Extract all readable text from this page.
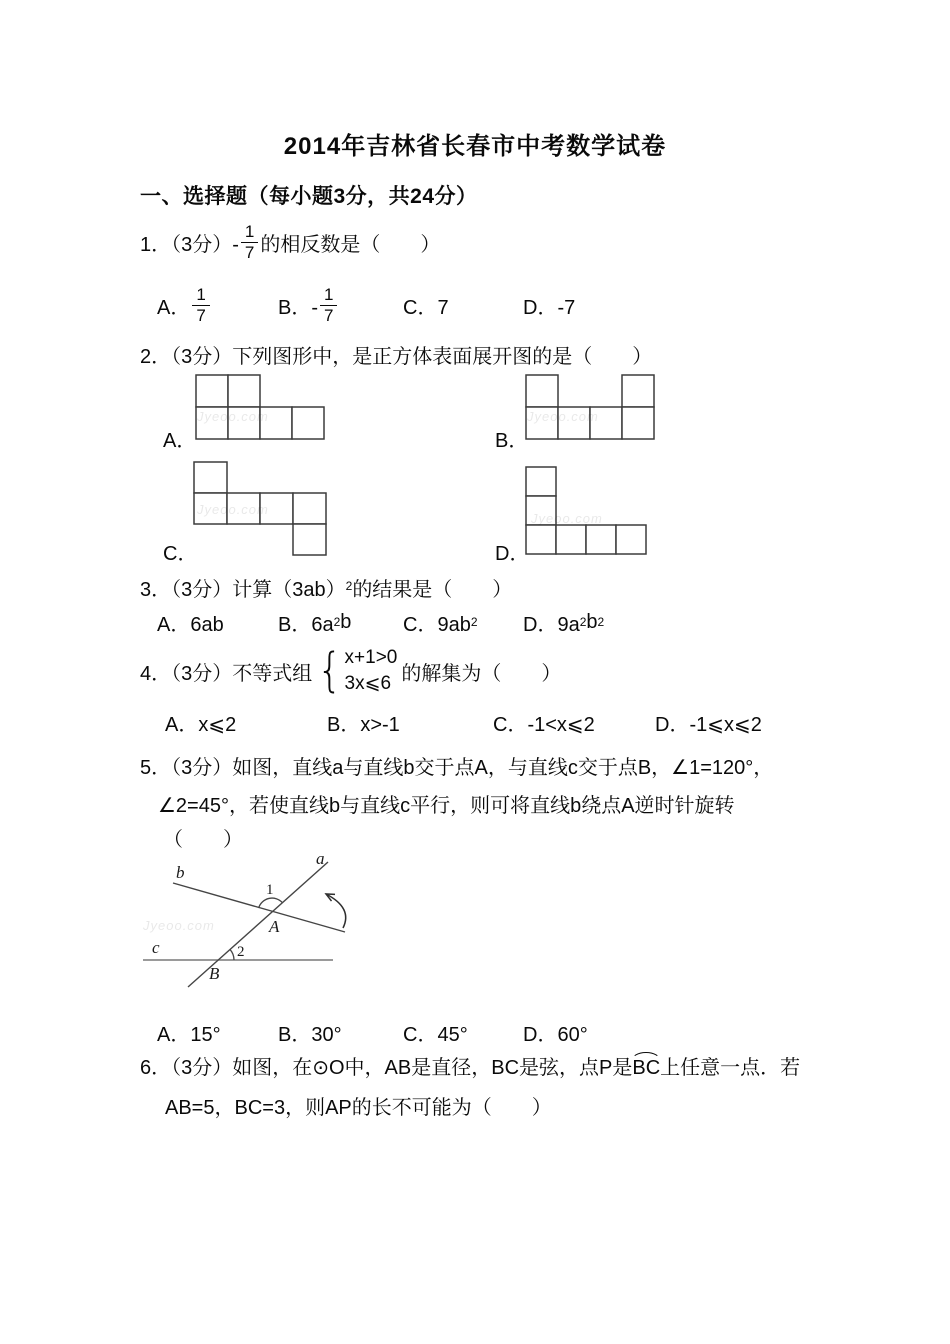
2014年吉林省长春市中考数学试卷
一、选择题（每小题3分，共24分）
1．（3分）- $\frac{1}{7}$ 的相反数是（　　）
A． $\frac{1}{7}$	B．- $\frac{1}{7}$	C．7	D．-7
2．（3分）下列图形中，是正方体表面展开图的是（　　）
A．	B．
C．	D．
Jyeoo.com	Jyeoo.com
Jyeoo.com
Jyeoo.com
Jyeoo.com
3．（3分）计算$(3ab)^2$的结果是（　　）
A．6ab	B．6a 2 b	C．9ab 2 D．9a 2 b 2
4．（3分）不等式组 { x+1>0
3x⩽6 的解集为（　　）
A．x⩽2	B．x>-1	C．-1<x⩽2	D．-1⩽x⩽2
5．（3分）如图，直线a与直线b交于点A，与直线c交于点B，∠1=120°，
∠2=45°，若使直线b与直线c平行，则可将直线b绕点A逆时针旋转
（　　）
a
b
c
A
B
1
2
A．15°	B．30°	C．45°	D．60°
6．（3分）如图，在⊙O中，AB是直径，BC是弦，点P是BC上任意一点．若
AB=5，BC=3，则AP的长不可能为（　　）
